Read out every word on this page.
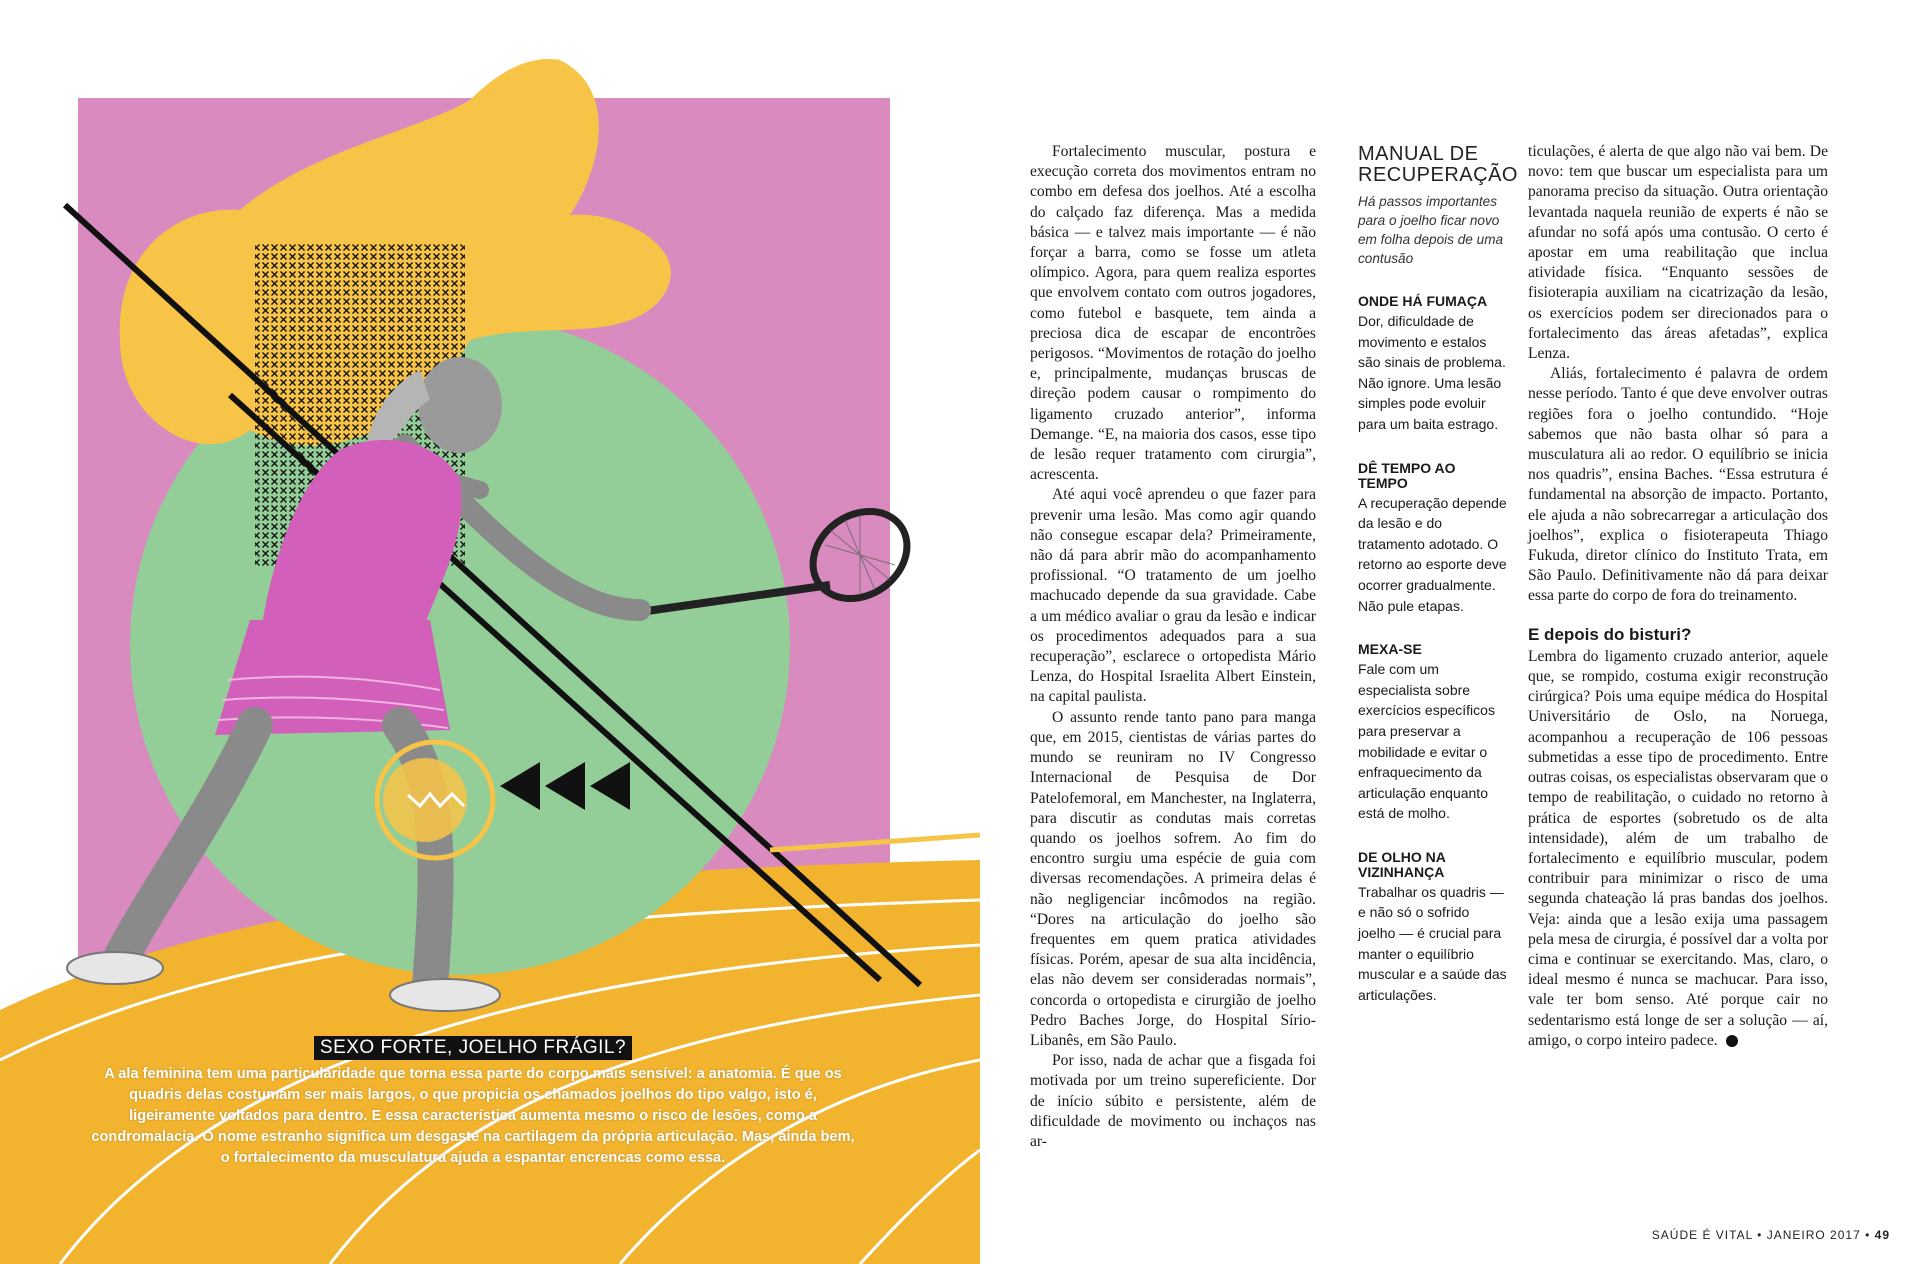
SEXO FORTE, JOELHO FRÁGIL?
A ala feminina tem uma particularidade que torna essa parte do corpo mais sensível: a anatomia. É que os quadris delas costumam ser mais largos, o que propicia os chamados joelhos do tipo valgo, isto é, ligeiramente voltados para dentro. E essa característica aumenta mesmo o risco de lesões, como a condromalacia. O nome estranho significa um desgaste na cartilagem da própria articulação. Mas, ainda bem, o fortalecimento da musculatura ajuda a espantar encrencas como essa.

Fortalecimento muscular, postura e execução correta dos movimentos entram no combo em defesa dos joelhos. Até a escolha do calçado faz diferença. Mas a medida básica — e talvez mais importante — é não forçar a barra, como se fosse um atleta olímpico. Agora, para quem realiza esportes que envolvem contato com outros jogadores, como futebol e basquete, tem ainda a preciosa dica de escapar de encontrões perigosos. “Movimentos de rotação do joelho e, principalmente, mudanças bruscas de direção podem causar o rompimento do ligamento cruzado anterior”, informa Demange. “E, na maioria dos casos, esse tipo de lesão requer tratamento com cirurgia”, acrescenta.

Até aqui você aprendeu o que fazer para prevenir uma lesão. Mas como agir quando não consegue escapar dela? Primeiramente, não dá para abrir mão do acompanhamento profissional. “O tratamento de um joelho machucado depende da sua gravidade. Cabe a um médico avaliar o grau da lesão e indicar os procedimentos adequados para a sua recuperação”, esclarece o ortopedista Mário Lenza, do Hospital Israelita Albert Einstein, na capital paulista.

O assunto rende tanto pano para manga que, em 2015, cientistas de várias partes do mundo se reuniram no IV Congresso Internacional de Pesquisa de Dor Patelofemoral, em Manchester, na Inglaterra, para discutir as condutas mais corretas quando os joelhos sofrem. Ao fim do encontro surgiu uma espécie de guia com diversas recomendações. A primeira delas é não negligenciar incômodos na região. “Dores na articulação do joelho são frequentes em quem pratica atividades físicas. Porém, apesar de sua alta incidência, elas não devem ser consideradas normais”, concorda o ortopedista e cirurgião de joelho Pedro Baches Jorge, do Hospital Sírio-Libanês, em São Paulo.

Por isso, nada de achar que a fisgada foi motivada por um treino supereficiente. Dor de início súbito e persistente, além de dificuldade de movimento ou inchaços nas ar-

MANUAL DE RECUPERAÇÃO
Há passos importantes para o joelho ficar novo em folha depois de uma contusão
ONDE HÁ FUMAÇA
Dor, dificuldade de movimento e estalos são sinais de problema. Não ignore. Uma lesão simples pode evoluir para um baita estrago.
DÊ TEMPO AO TEMPO
A recuperação depende da lesão e do tratamento adotado. O retorno ao esporte deve ocorrer gradualmente. Não pule etapas.
MEXA-SE
Fale com um especialista sobre exercícios específicos para preservar a mobilidade e evitar o enfraquecimento da articulação enquanto está de molho.
DE OLHO NA VIZINHANÇA
Trabalhar os quadris — e não só o sofrido joelho — é crucial para manter o equilíbrio muscular e a saúde das articulações.

ticulações, é alerta de que algo não vai bem. De novo: tem que buscar um especialista para um panorama preciso da situação. Outra orientação levantada naquela reunião de experts é não se afundar no sofá após uma contusão. O certo é apostar em uma reabilitação que inclua atividade física. “Enquanto sessões de fisioterapia auxiliam na cicatrização da lesão, os exercícios podem ser direcionados para o fortalecimento das áreas afetadas”, explica Lenza.

Aliás, fortalecimento é palavra de ordem nesse período. Tanto é que deve envolver outras regiões fora o joelho contundido. “Hoje sabemos que não basta olhar só para a musculatura ali ao redor. O equilíbrio se inicia nos quadris”, ensina Baches. “Essa estrutura é fundamental na absorção de impacto. Portanto, ele ajuda a não sobrecarregar a articulação dos joelhos”, explica o fisioterapeuta Thiago Fukuda, diretor clínico do Instituto Trata, em São Paulo. Definitivamente não dá para deixar essa parte do corpo de fora do treinamento.

E depois do bisturi?

Lembra do ligamento cruzado anterior, aquele que, se rompido, costuma exigir reconstrução cirúrgica? Pois uma equipe médica do Hospital Universitário de Oslo, na Noruega, acompanhou a recuperação de 106 pessoas submetidas a esse tipo de procedimento. Entre outras coisas, os especialistas observaram que o tempo de reabilitação, o cuidado no retorno à prática de esportes (sobretudo os de alta intensidade), além de um trabalho de fortalecimento e equilíbrio muscular, podem contribuir para minimizar o risco de uma segunda chateação lá pras bandas dos joelhos. Veja: ainda que a lesão exija uma passagem pela mesa de cirurgia, é possível dar a volta por cima e continuar se exercitando. Mas, claro, o ideal mesmo é nunca se machucar. Para isso, vale ter bom senso. Até porque cair no sedentarismo está longe de ser a solução — aí, amigo, o corpo inteiro padece.

SAÚDE É VITAL • JANEIRO 2017 • 49
